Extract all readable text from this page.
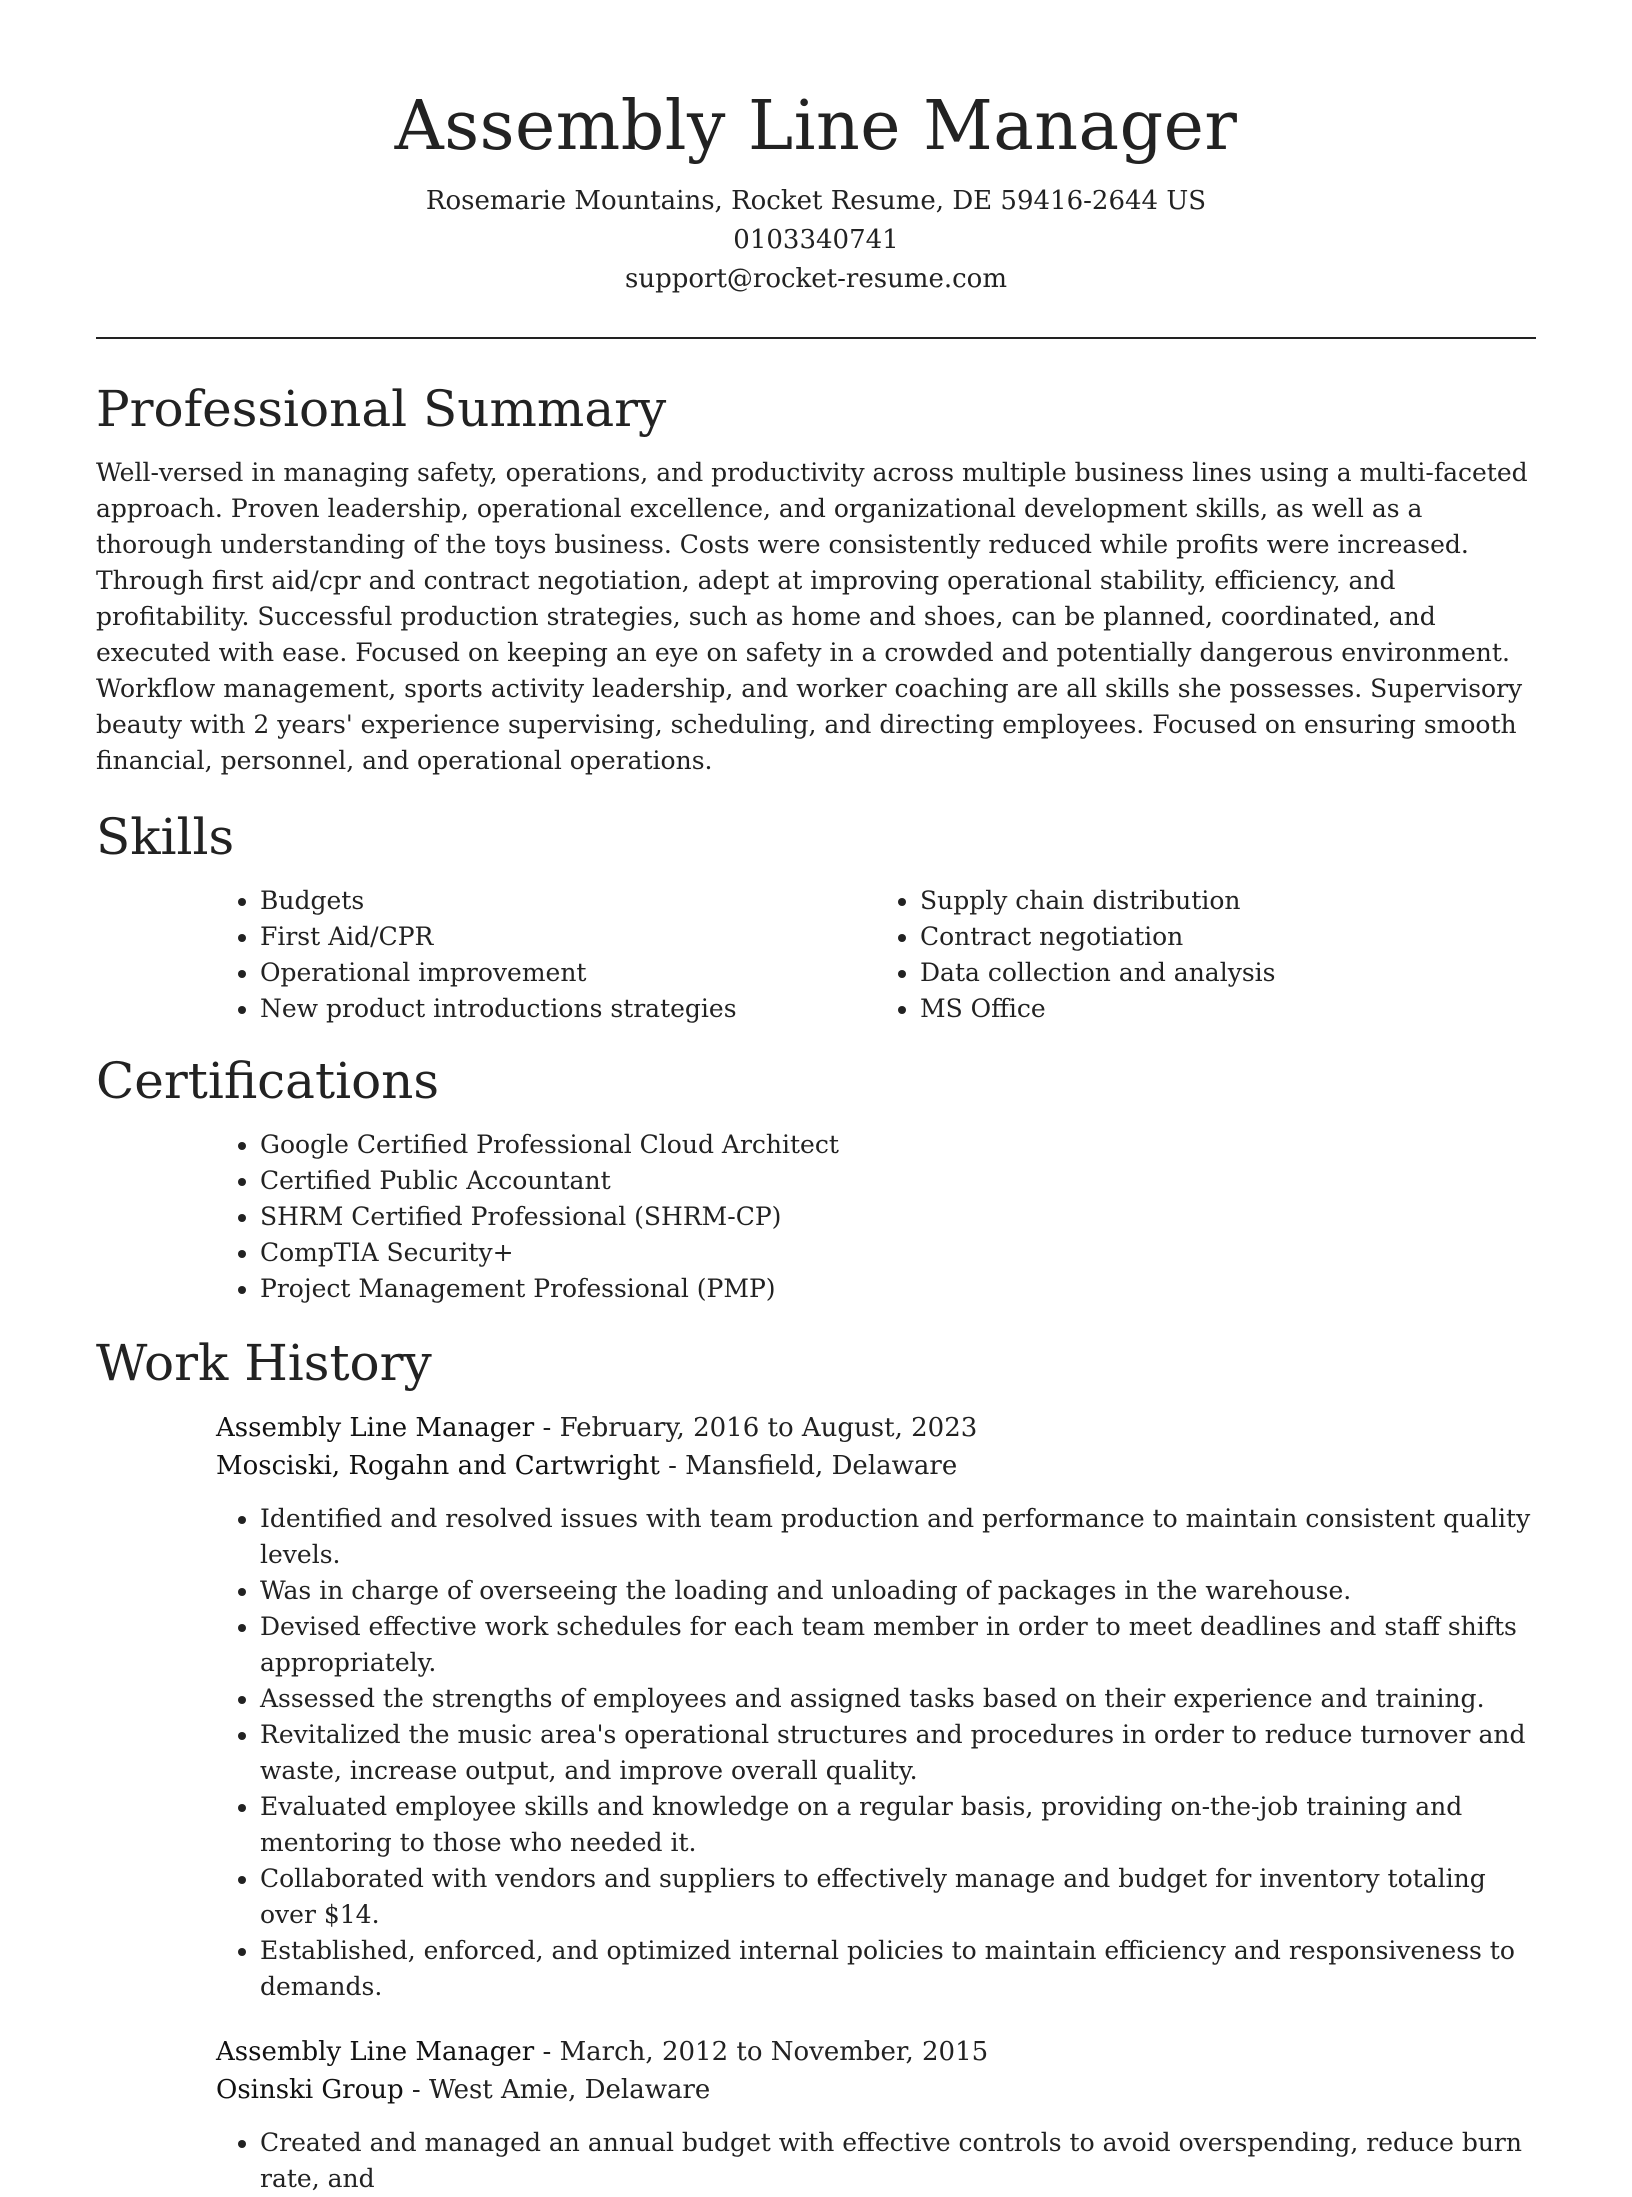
Assembly Line Manager
Rosemarie Mountains, Rocket Resume, DE 59416-2644 US
0103340741
support@rocket-resume.com
Professional Summary

Well-versed in managing safety, operations, and productivity across multiple business lines using a multi-faceted approach. Proven leadership, operational excellence, and organizational development skills, as well as a thorough understanding of the toys business. Costs were consistently reduced while profits were increased. Through first aid/cpr and contract negotiation, adept at improving operational stability, efficiency, and profitability. Successful production strategies, such as home and shoes, can be planned, coordinated, and executed with ease. Focused on keeping an eye on safety in a crowded and potentially dangerous environment. Workflow management, sports activity leadership, and worker coaching are all skills she possesses. Supervisory beauty with 2 years' experience supervising, scheduling, and directing employees. Focused on ensuring smooth financial, personnel, and operational operations.

Skills
• Budgets
• First Aid/CPR
• Operational improvement
• New product introductions strategies
• Supply chain distribution
• Contract negotiation
• Data collection and analysis
• MS Office
Certifications
• Google Certified Professional Cloud Architect
• Certified Public Accountant
• SHRM Certified Professional (SHRM-CP)
• CompTIA Security+
• Project Management Professional (PMP)
Work History
Assembly Line Manager - February, 2016 to August, 2023
Mosciski, Rogahn and Cartwright - Mansfield, Delaware
• Identified and resolved issues with team production and performance to maintain consistent quality levels.
• Was in charge of overseeing the loading and unloading of packages in the warehouse.
• Devised effective work schedules for each team member in order to meet deadlines and staff shifts appropriately.
• Assessed the strengths of employees and assigned tasks based on their experience and training.
• Revitalized the music area's operational structures and procedures in order to reduce turnover and waste, increase output, and improve overall quality.
• Evaluated employee skills and knowledge on a regular basis, providing on-the-job training and mentoring to those who needed it.
• Collaborated with vendors and suppliers to effectively manage and budget for inventory totaling over $14.
• Established, enforced, and optimized internal policies to maintain efficiency and responsiveness to demands.
Assembly Line Manager - March, 2012 to November, 2015
Osinski Group - West Amie, Delaware
• Created and managed an annual budget with effective controls to avoid overspending, reduce burn rate, and
